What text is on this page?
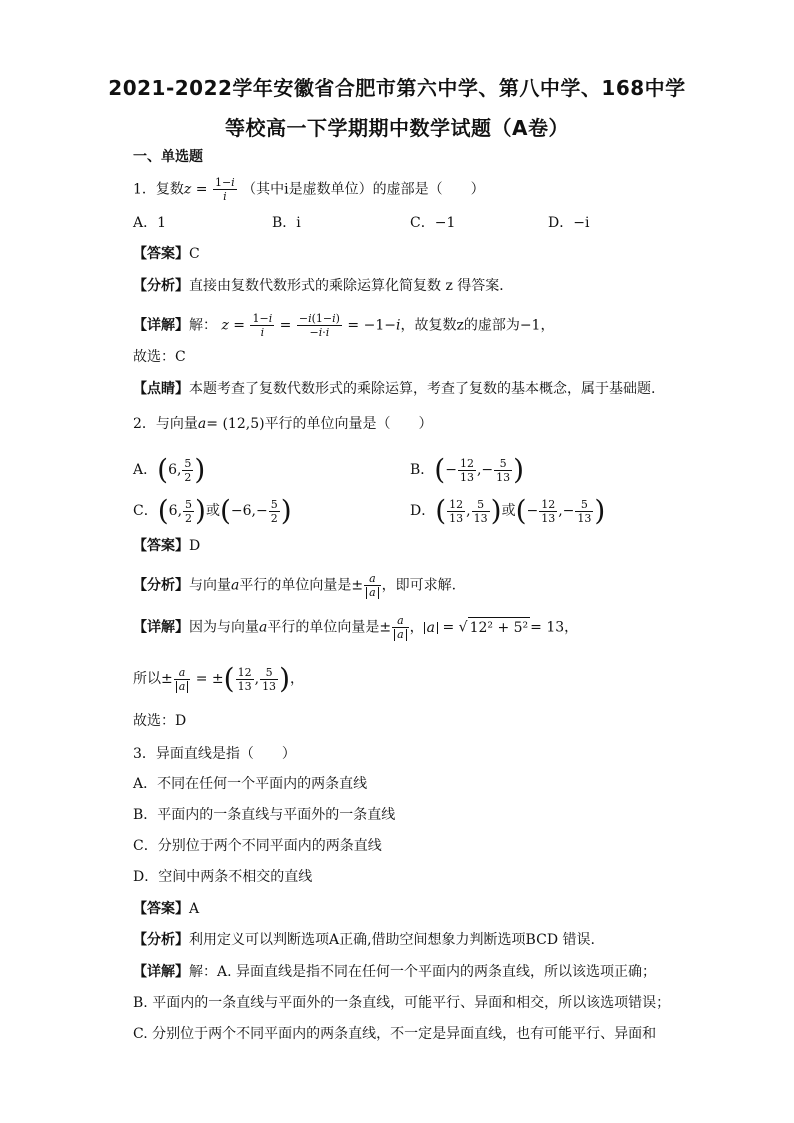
2021-2022学年安徽省合肥市第六中学、第八中学、168中学
等校高一下学期期中数学试题（A卷）
一、单选题
1．复数$z = \frac{1-i}{i}$ （其中i是虚数单位）的虚部是（　　）
A．1	B．i	C．−1	D．−i
【答案】C
【分析】直接由复数代数形式的乘除运算化简复数 z 得答案．
【详解】解： $z = \frac{1-i}{i} = \frac{-i(1-i)}{-i\cdot i} = -1-i$，故复数z的虚部为−1，
故选：C
【点睛】本题考查了复数代数形式的乘除运算，考查了复数的基本概念，属于基础题.
2．与向量a= (12,5)平行的单位向量是（　　）
A．(6, $\frac{5}{2}$ )	B．(− $\frac{12}{13}$ ,− $\frac{5}{13}$ )
C．(6, $\frac{5}{2}$ )或($-6,- \frac{5}{2}$ )	D．( $\frac{12}{13}$ , $\frac{5}{13}$ )或(− $\frac{12}{13}$ ,− $\frac{5}{13}$ )
【答案】D
【分析】与向量a平行的单位向量是± $\frac{a}{a}$ ，即可求解.
【详解】因为与向量a平行的单位向量是± $\frac{a}{a}$ ， a = √ 12² + 5² = 13，
所以± $\frac{a}{a}$ = ±( $\frac{12}{13}$ , $\frac{5}{13}$ )，
故选：D
3．异面直线是指（　　）
A．不同在任何一个平面内的两条直线
B．平面内的一条直线与平面外的一条直线
C．分别位于两个不同平面内的两条直线
D．空间中两条不相交的直线
【答案】A
【分析】利用定义可以判断选项A正确,借助空间想象力判断选项BCD 错误.
【详解】解：A. 异面直线是指不同在任何一个平面内的两条直线，所以该选项正确；
B. 平面内的一条直线与平面外的一条直线，可能平行、异面和相交，所以该选项错误；
C. 分别位于两个不同平面内的两条直线，不一定是异面直线，也有可能平行、异面和
